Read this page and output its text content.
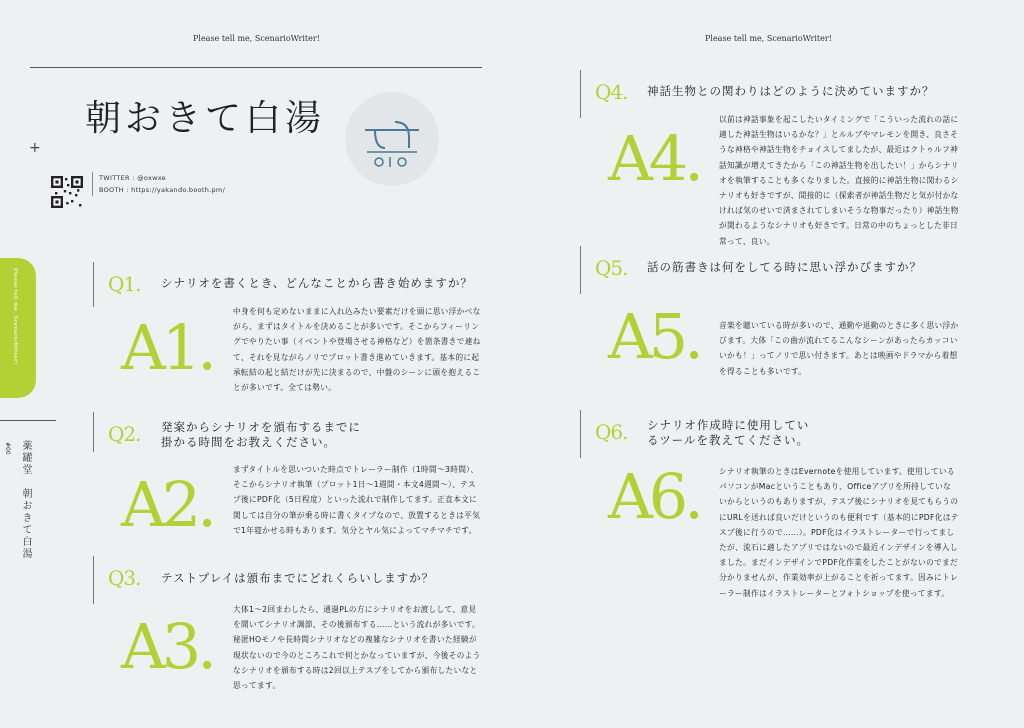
Please tell me, ScenarioWriter!	Please tell me, ScenarioWriter!
朝おきて白湯
+
TWITTER : @oxwxe
BOOTH : https://yakando.booth.pm/
Please tell me, ScenarioWriter!
#00 薬罐堂　朝おきて白湯
Q1. シナリオを書くとき、どんなことから書き始めますか？
A1.	中身を何も定めないままに入れ込みたい要素だけを頭に思い浮かべながら、まずはタイトルを決めることが多いです。そこからフィーリングでやりたい事（イベントや登場させる神格など）を箇条書きで連ねて、それを見ながらノリでプロット書き進めていきます。基本的に起承転結の起と結だけが先に決まるので、中盤のシーンに頭を抱えることが多いです。全ては勢い。
Q2. 発案からシナリオを頒布するまでに掛かる時間をお教えください。
A2.	まずタイトルを思いついた時点でトレーラー制作（1時間〜3時間）、そこからシナリオ執筆（プロット1日〜1週間・本文4週間〜）、テスプ後にPDF化（5日程度）といった流れで制作してます。正直本文に関しては自分の筆が乗る時に書くタイプなので、放置するときは平気で1年寝かせる時もあります。気分とヤル気によってマチマチです。
Q3. テストプレイは頒布までにどれくらいしますか？
A3.
大体1〜2回まわしたら、通過PLの方にシナリオをお渡しして、意見を聞いてシナリオ調節、その後頒布する……という流れが多いです。秘匿HOモノや長時間シナリオなどの複雑なシナリオを書いた経験が現状ないので今のところこれで何とかなっていますが、今後そのようなシナリオを頒布する時は2回以上テスプをしてから頒布したいなと思ってます。
Q4. 神話生物との関わりはどのように決めていますか？
A4.
以前は神話事象を起こしたいタイミングで「こういった流れの話に適した神話生物はいるかな？」とルルブやマレモンを開き、良さそうな神格や神話生物をチョイスしてましたが、最近はクトゥルフ神話知識が増えてきたから「この神話生物を出したい！」からシナリオを執筆することも多くなりました。直接的に神話生物に関わるシナリオも好きですが、間接的に（探索者が神話生物だと気が付かなければ気のせいで済まされてしまいそうな物事だったり）神話生物が関わるようなシナリオも好きです。日常の中のちょっとした非日常って、良い。
Q5. 話の筋書きは何をしてる時に思い浮かびますか？
A5. 音楽を聴いている時が多いので、通勤や退勤のときに多く思い浮かびます。大体「この曲が流れてるこんなシーンがあったらカッコいいかも！」ってノリで思い付きます。あとは映画やドラマから着想を得ることも多いです。
Q6. シナリオ作成時に使用しているツールを教えてください。
A6. シナリオ執筆のときはEvernoteを使用しています。使用しているパソコンがMacということもあり、Officeアプリを所持していないからというのもありますが、テスプ後にシナリオを見てもらうのにURLを送れば良いだけというのも便利です（基本的にPDF化はテスプ後に行うので……）。PDF化はイラストレーターで行ってましたが、流石に適したアプリではないので最近インデザインを導入しました。まだインデザインでPDF化作業をしたことがないのでまだ分かりませんが、作業効率が上がることを祈ってます。因みにトレーラー制作はイラストレーターとフォトショップを使ってます。
